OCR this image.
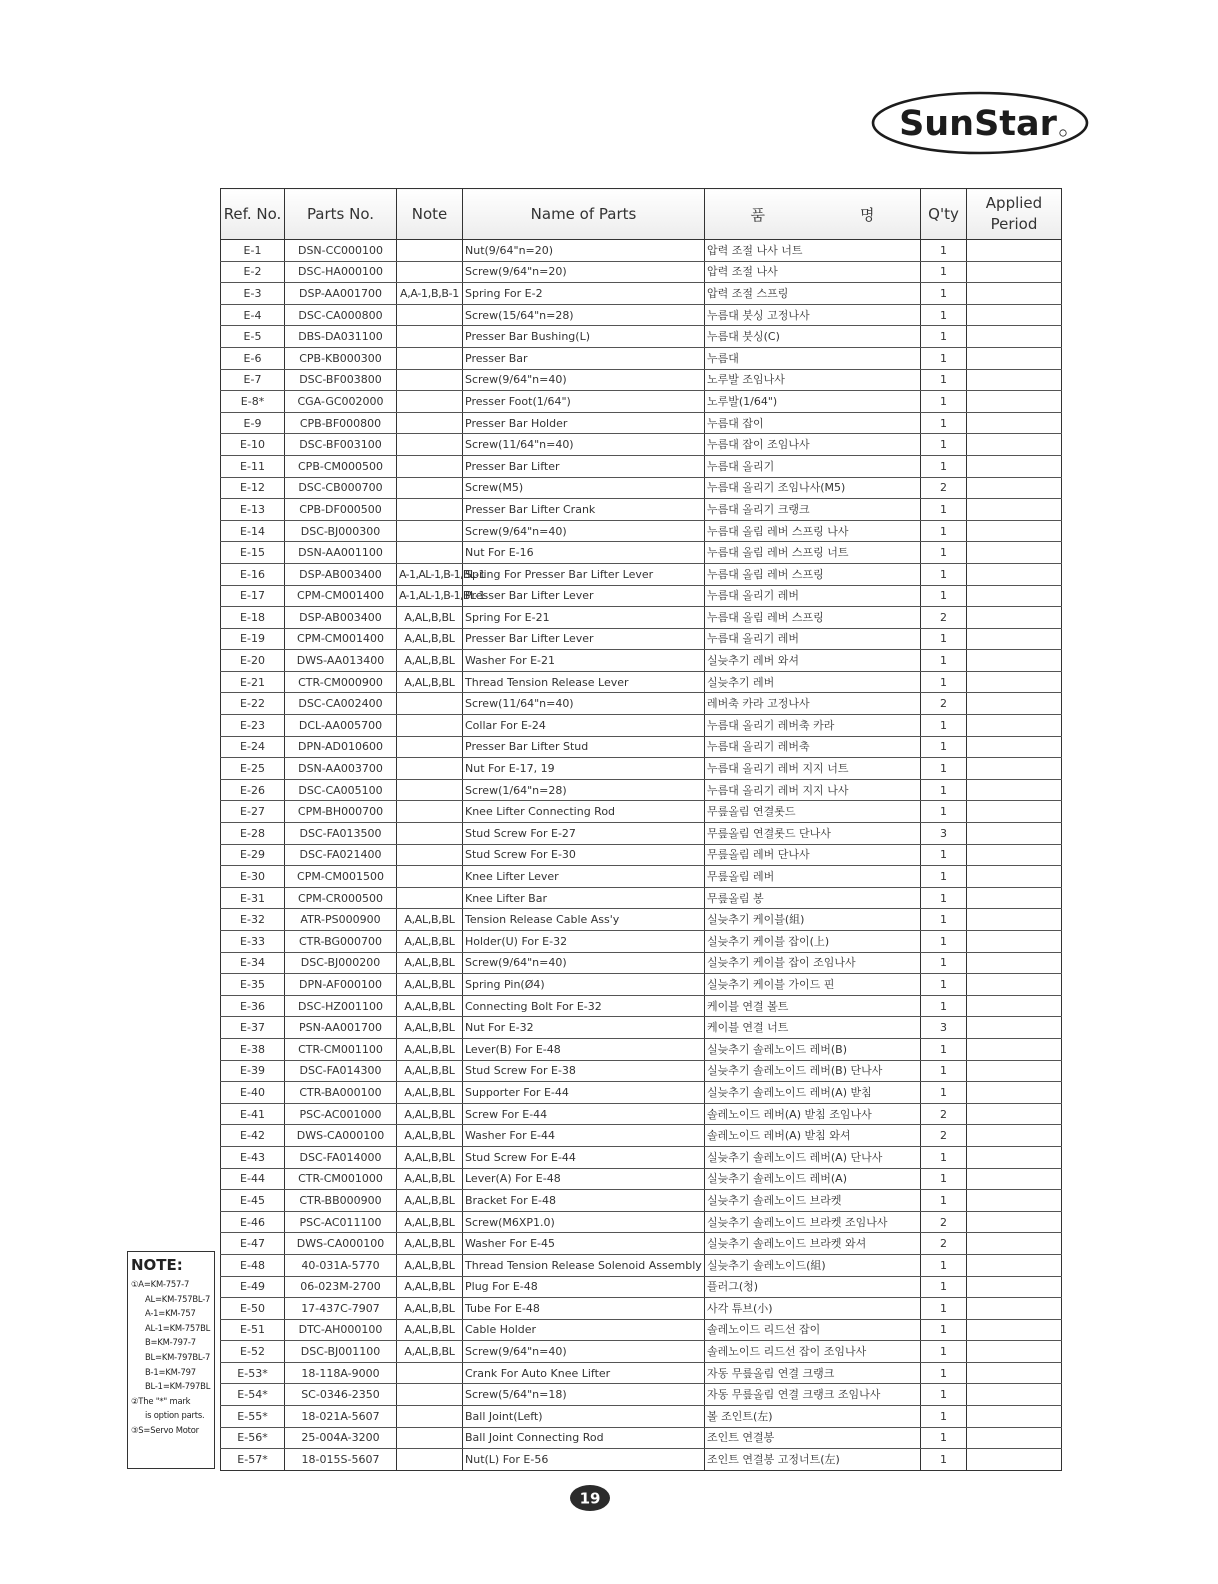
SunStar
Ref. No.	Parts No.	Note	Name of Parts	품 명	Q'ty	Applied
Period
E-1	DSN-CC000100		Nut(9/64"n=20)	압력 조절 나사 너트	1	
E-2	DSC-HA000100		Screw(9/64"n=20)	압력 조절 나사	1	
E-3	DSP-AA001700	A,A-1,B,B-1	Spring For E-2	압력 조절 스프링	1	
E-4	DSC-CA000800		Screw(15/64"n=28)	누름대 붓싱 고정나사	1	
E-5	DBS-DA031100		Presser Bar Bushing(L)	누름대 붓싱(C)	1	
E-6	CPB-KB000300		Presser Bar	누름대	1	
E-7	DSC-BF003800		Screw(9/64"n=40)	노루발 조임나사	1	
E-8*	CGA-GC002000		Presser Foot(1/64")	노루발(1/64")	1	
E-9	CPB-BF000800		Presser Bar Holder	누름대 잡이	1	
E-10	DSC-BF003100		Screw(11/64"n=40)	누름대 잡이 조임나사	1	
E-11	CPB-CM000500		Presser Bar Lifter	누름대 올리기	1	
E-12	DSC-CB000700		Screw(M5)	누름대 올리기 조임나사(M5)	2	
E-13	CPB-DF000500		Presser Bar Lifter Crank	누름대 올리기 크랭크	1	
E-14	DSC-BJ000300		Screw(9/64"n=40)	누름대 올림 레버 스프링 나사	1	
E-15	DSN-AA001100		Nut For E-16	누름대 올림 레버 스프링 너트	1	
E-16	DSP-AB003400	A-1,AL-1,B-1,BL-1	Spring For Presser Bar Lifter Lever	누름대 올림 레버 스프링	1	
E-17	CPM-CM001400	A-1,AL-1,B-1,BL-1	Presser Bar Lifter Lever	누름대 올리기 레버	1	
E-18	DSP-AB003400	A,AL,B,BL	Spring For E-21	누름대 올림 레버 스프링	2	
E-19	CPM-CM001400	A,AL,B,BL	Presser Bar Lifter Lever	누름대 올리기 레버	1	
E-20	DWS-AA013400	A,AL,B,BL	Washer For E-21	실늦추기 레버 와셔	1	
E-21	CTR-CM000900	A,AL,B,BL	Thread Tension Release Lever	실늦추기 레버	1	
E-22	DSC-CA002400		Screw(11/64"n=40)	레버축 카라 고정나사	2	
E-23	DCL-AA005700		Collar For E-24	누름대 올리기 레버축 카라	1	
E-24	DPN-AD010600		Presser Bar Lifter Stud	누름대 올리기 레버축	1	
E-25	DSN-AA003700		Nut For E-17, 19	누름대 올리기 레버 지지 너트	1	
E-26	DSC-CA005100		Screw(1/64"n=28)	누름대 올리기 레버 지지 나사	1	
E-27	CPM-BH000700		Knee Lifter Connecting Rod	무릎올림 연결롯드	1	
E-28	DSC-FA013500		Stud Screw For E-27	무릎올림 연결롯드 단나사	3	
E-29	DSC-FA021400		Stud Screw For E-30	무릎올림 레버 단나사	1	
E-30	CPM-CM001500		Knee Lifter Lever	무릎올림 레버	1	
E-31	CPM-CR000500		Knee Lifter Bar	무릎올림 봉	1	
E-32	ATR-PS000900	A,AL,B,BL	Tension Release Cable Ass'y	실늦추기 케이블(組)	1	
E-33	CTR-BG000700	A,AL,B,BL	Holder(U) For E-32	실늦추기 케이블 잡이(上)	1	
E-34	DSC-BJ000200	A,AL,B,BL	Screw(9/64"n=40)	실늦추기 케이블 잡이 조임나사	1	
E-35	DPN-AF000100	A,AL,B,BL	Spring Pin(Ø4)	실늦추기 케이블 가이드 핀	1	
E-36	DSC-HZ001100	A,AL,B,BL	Connecting Bolt For E-32	케이블 연결 볼트	1	
E-37	PSN-AA001700	A,AL,B,BL	Nut For E-32	케이블 연결 너트	3	
E-38	CTR-CM001100	A,AL,B,BL	Lever(B) For E-48	실늦추기 솔레노이드 레버(B)	1	
E-39	DSC-FA014300	A,AL,B,BL	Stud Screw For E-38	실늦추기 솔레노이드 레버(B) 단나사	1	
E-40	CTR-BA000100	A,AL,B,BL	Supporter For E-44	실늦추기 솔레노이드 레버(A) 받침	1	
E-41	PSC-AC001000	A,AL,B,BL	Screw For E-44	솔레노이드 레버(A) 받침 조임나사	2	
E-42	DWS-CA000100	A,AL,B,BL	Washer For E-44	솔레노이드 레버(A) 받침 와셔	2	
E-43	DSC-FA014000	A,AL,B,BL	Stud Screw For E-44	실늦추기 솔레노이드 레버(A) 단나사	1	
E-44	CTR-CM001000	A,AL,B,BL	Lever(A) For E-48	실늦추기 솔레노이드 레버(A)	1	
E-45	CTR-BB000900	A,AL,B,BL	Bracket For E-48	실늦추기 솔레노이드 브라켓	1	
E-46	PSC-AC011100	A,AL,B,BL	Screw(M6XP1.0)	실늦추기 솔레노이드 브라켓 조임나사	2	
E-47	DWS-CA000100	A,AL,B,BL	Washer For E-45	실늦추기 솔레노이드 브라켓 와셔	2	
E-48	40-031A-5770	A,AL,B,BL	Thread Tension Release Solenoid Assembly	실늦추기 솔레노이드(組)	1	
E-49	06-023M-2700	A,AL,B,BL	Plug For E-48	플러그(청)	1	
E-50	17-437C-7907	A,AL,B,BL	Tube For E-48	사각 튜브(小)	1	
E-51	DTC-AH000100	A,AL,B,BL	Cable Holder	솔레노이드 리드선 잡이	1	
E-52	DSC-BJ001100	A,AL,B,BL	Screw(9/64"n=40)	솔레노이드 리드선 잡이 조임나사	1	
E-53*	18-118A-9000		Crank For Auto Knee Lifter	자동 무릎올림 연결 크랭크	1	
E-54*	SC-0346-2350		Screw(5/64"n=18)	자동 무릎올림 연결 크랭크 조임나사	1	
E-55*	18-021A-5607		Ball Joint(Left)	볼 조인트(左)	1	
E-56*	25-004A-3200		Ball Joint Connecting Rod	조인트 연결봉	1	
E-57*	18-015S-5607		Nut(L) For E-56	조인트 연결봉 고정너트(左)	1	
NOTE:
①A=KM-757-7
AL=KM-757BL-7
A-1=KM-757
AL-1=KM-757BL
B=KM-797-7
BL=KM-797BL-7
B-1=KM-797
BL-1=KM-797BL
②The "*" mark
is option parts.
③S=Servo Motor
19
